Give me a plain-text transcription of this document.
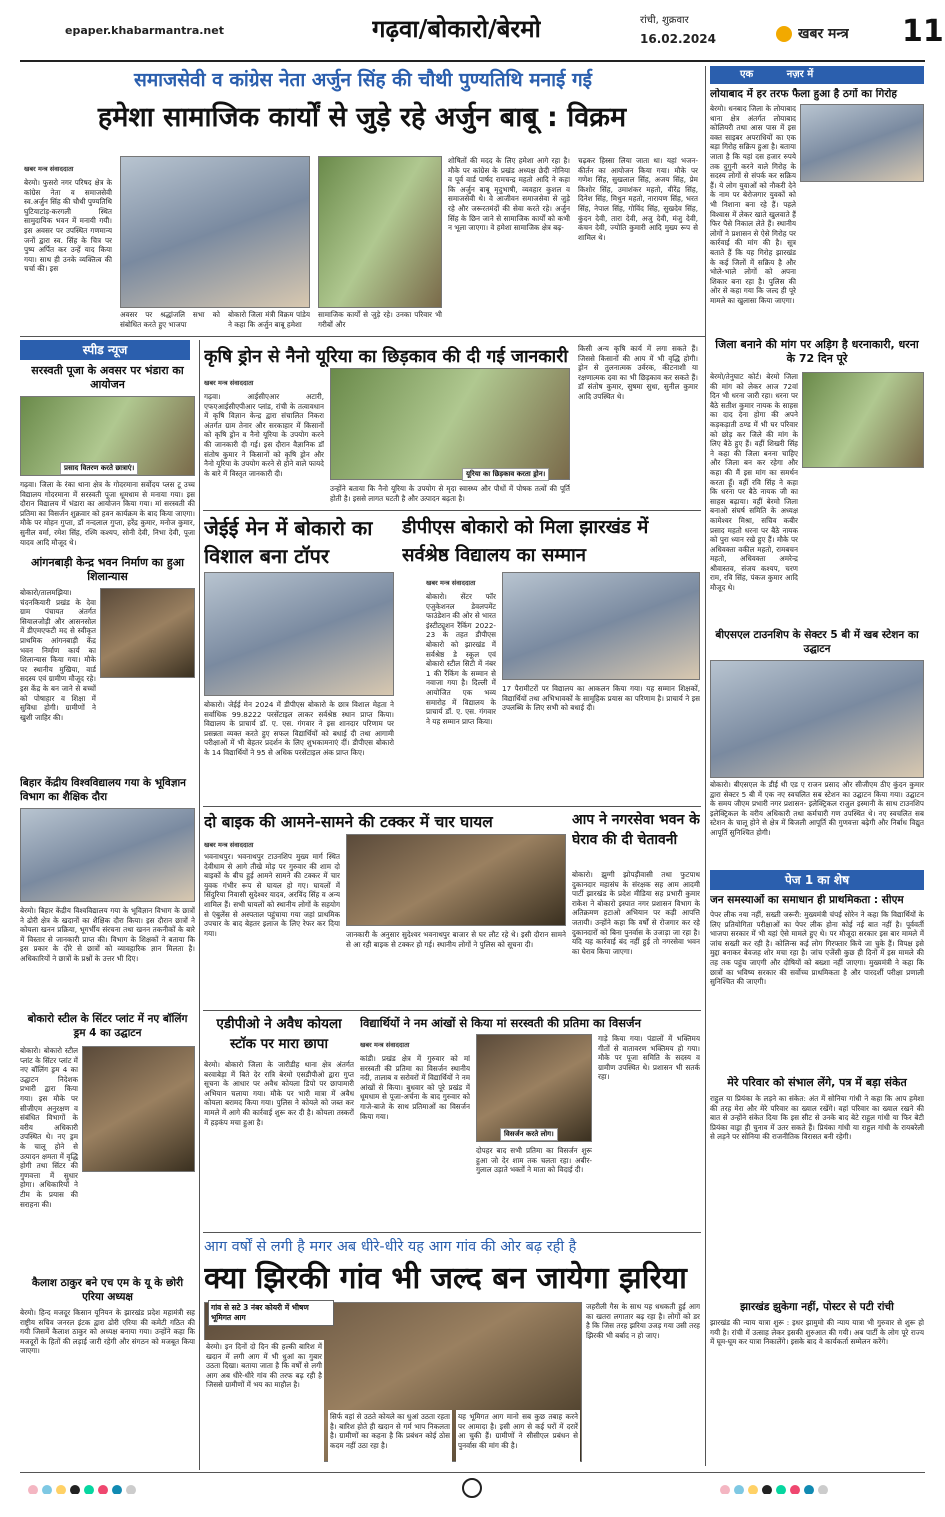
epaper.khabarmantra.net	गढ़वा/बोकारो/बेरमो	रांची, शुक्रवार
16.02.2024	खबर मन्त्र 11
समाजसेवी व कांग्रेस नेता अर्जुन सिंह की चौथी पुण्यतिथि मनाई गई
हमेशा सामाजिक कार्यों से जुड़े रहे अर्जुन बाबू : विक्रम
खबर मन्त्र संवाददाता
बेरमो। फुसरो नगर परिषद क्षेत्र के कांग्रेस नेता व समाजसेवी स्व.अर्जुन सिंह की चौथी पुण्यतिथि घुटियाटांड़-करगली स्थित सामुदायिक भवन में मनायी गयी। इस अवसर पर उपस्थित गणमान्य जनों द्वारा स्व. सिंह के चित्र पर पुष्प अर्पित कर उन्हें याद किया गया। साथ ही उनके व्यक्तित्व की चर्चा की। इस
अवसर पर श्रद्धांजलि सभा को संबोधित करते हुए भाजपा
बोकारो जिला मंत्री विक्रम पांडेय ने कहा कि अर्जुन बाबू हमेशा
सामाजिक कार्यों से जुड़े रहे। उनका परिवार भी गरीबों और
शोषितों की मदद के लिए हमेशा आगे रहा है। मौके पर कांग्रेस के प्रखंड अध्यक्ष छेदी नोनिया व पूर्व वार्ड पार्षद रामचन्द्र महतो आदि ने कहा कि अर्जुन बाबू मृदुभाषी, व्यवहार कुशल व समाजसेवी थे। वे आजीवन समाजसेवा से जुड़े रहे और जरूरतमंदों की सेवा करते रहे। अर्जुन सिंह के छिन जाने से सामाजिक कार्यों को कभी न भूला जाएगा। वे हमेशा सामाजिक क्षेत्र बढ़-
चढ़कर हिस्सा लिया जाता था। यहां भजन-कीर्तन का आयोजन किया गया। मौके पर गणेश सिंह, सुखलाल सिंह, अजय सिंह, प्रेम किशोर सिंह, उमाशंकर महतो, वीरेंद्र सिंह, दिनेश सिंह, मिथुन महतो, नारायण सिंह, भरत सिंह, नेपाल सिंह, गोविंद सिंह, सुखदेव सिंह, कुंदन देवी, तारा देवी, अजु देवी, मंजु देवी, कंचन देवी, ज्योति कुमारी आदि मुख्य रूप से शामिल थे।
स्पीड न्यूज
सरस्वती पूजा के अवसर पर भंडारा का आयोजन
प्रसाद वितरण करते छात्राएं।
गढ़वा। जिला के रंका थाना क्षेत्र के गोदरमाना सर्वोदय प्लस टू उच्च विद्यालय गोदरमाना में सरस्वती पूजा धूमधाम से मनाया गया। इस दौरान विद्यालय में भंडारा का आयोजन किया गया। मां सरस्वती की प्रतिमा का विसर्जन शुक्रवार को हवन कार्यक्रम के बाद किया जाएगा। मौके पर मोहन गुप्ता, डॉ नन्दलाल गुप्ता, हरेंद्र कुमार, मनोज कुमार, सुनील वर्मा, रमेश सिंह, रश्मि कश्यप, सोनी देवी, निभा देवी, पूजा यादव आदि मौजूद थे।
आंगनबाड़ी केन्द्र भवन निर्माण का हुआ शिलान्यास
बोकारो/तालमझिया। चंदनकियारी प्रखंड के देवा ग्राम पंचायत अंतर्गत सियालजोड़ी और आसनसोल में डीएमएफटी मद से स्वीकृत प्राथमिक आंगनबाड़ी केंद्र भवन निर्माण कार्य का शिलान्यास किया गया। मौके पर स्थानीय मुखिया, वार्ड सदस्य एवं ग्रामीण मौजूद रहे। इस केंद्र के बन जाने से बच्चों को पोषाहार व शिक्षा में सुविधा होगी। ग्रामीणों ने खुशी जाहिर की।
बिहार केंद्रीय विश्वविद्यालय गया के भूविज्ञान विभाग का शैक्षिक दौरा
बेरमो। बिहार केंद्रीय विश्वविद्यालय गया के भूविज्ञान विभाग के छात्रों ने ढोरी क्षेत्र के खदानों का शैक्षिक दौरा किया। इस दौरान छात्रों ने कोयला खनन प्रक्रिया, भूगर्भीय संरचना तथा खनन तकनीकों के बारे में विस्तार से जानकारी प्राप्त की। विभाग के शिक्षकों ने बताया कि इस प्रकार के दौरे से छात्रों को व्यावहारिक ज्ञान मिलता है। अधिकारियों ने छात्रों के प्रश्नों के उत्तर भी दिए।
बोकारो स्टील के सिंटर प्लांट में नए बॉलिंग ड्रम 4 का उद्घाटन
बोकारो। बोकारो स्टील प्लांट के सिंटर प्लांट में नए बॉलिंग ड्रम 4 का उद्घाटन निदेशक प्रभारी द्वारा किया गया। इस मौके पर सीजीएम अनुरक्षण व संबंधित विभागों के वरीय अधिकारी उपस्थित थे। नए ड्रम के चालू होने से उत्पादन क्षमता में वृद्धि होगी तथा सिंटर की गुणवत्ता में सुधार होगा। अधिकारियों ने टीम के प्रयास की सराहना की।
कैलाश ठाकुर बने एच एम के यू के छोरी एरिया अध्यक्ष
बेरमो। हिन्द मजदूर किसान यूनियन के झारखंड प्रदेश महामंत्री सह राष्ट्रीय सचिव जनरल इंटक द्वारा ढोरी एरिया की कमेटी गठित की गयी जिसमें कैलाश ठाकुर को अध्यक्ष बनाया गया। उन्होंने कहा कि मजदूरों के हितों की लड़ाई जारी रहेगी और संगठन को मजबूत किया जाएगा।
कृषि ड्रोन से नैनो यूरिया का छिड़काव की दी गई जानकारी
खबर मन्त्र संवाददाता
गढ़वा। आईसीएआर अटारी, एफएआईसीएपीआर प्लांड, रांची के तत्वावधान में कृषि विज्ञान केन्द्र द्वारा संचालित निकरा अंतर्गत ग्राम तेनार और सरकाहार में किसानों को कृषि ड्रोन व नैनो यूरिया के उपयोग करने की जानकारी दी गई। इस दौरान वैज्ञानिक डॉ संतोष कुमार ने किसानों को कृषि ड्रोन और नैनो यूरिया के उपयोग करने से होने वाले फायदे के बारे में विस्तृत जानकारी दी।	यूरिया का छिड़काव करता ड्रोन।
उन्होंने बताया कि नैनो यूरिया के उपयोग से मृदा स्वास्थ्य और पौधों में पोषक तत्वों की पूर्ति होती है। इससे लागत घटती है और उत्पादन बढ़ता है।
किसी अन्य कृषि कार्य में लगा सकते हैं। जिससे किसानों की आय में भी वृद्धि होगी। ड्रोन से तुलनात्मक उर्वरक, कीटनाशी या रक्षणात्मक दवा का भी छिड़काव कर सकते हैं। डॉ संतोष कुमार, सुषमा सुधा, सुनील कुमार आदि उपस्थित थे।
जेईई मेन में बोकारो का विशाल बना टॉपर
बोकारो। जेईई मेन 2024 में डीपीएस बोकारो के छात्र विशाल मेहता ने सर्वाधिक 99.8222 परसेंटाइल लाकर सर्वश्रेष्ठ स्थान प्राप्त किया। विद्यालय के प्राचार्य डॉ. ए. एस. गंगवार ने इस शानदार परिणाम पर प्रसन्नता व्यक्त करते हुए सफल विद्यार्थियों को बधाई दी तथा आगामी परीक्षाओं में भी बेहतर प्रदर्शन के लिए शुभकामनाएं दीं। डीपीएस बोकारो के 14 विद्यार्थियों ने 95 से अधिक परसेंटाइल अंक प्राप्त किए।
डीपीएस बोकारो को मिला झारखंड में सर्वश्रेष्ठ विद्यालय का सम्मान
खबर मन्त्र संवाददाता
बोकारो। सेंटर फॉर एजुकेशनल डेवलपमेंट फाउंडेशन की ओर से भारत इंस्टीट्यूशन रैंकिंग 2022-23 के तहत डीपीएस बोकारो को झारखंड में सर्वश्रेष्ठ डे स्कूल एवं बोकारो स्टील सिटी में नंबर 1 की रैंकिंग के सम्मान से नवाजा गया है। दिल्ली में आयोजित एक भव्य समारोह में विद्यालय के प्राचार्य डॉ. ए. एस. गंगवार ने यह सम्मान प्राप्त किया।
17 पैरामीटरों पर विद्यालय का आकलन किया गया। यह सम्मान शिक्षकों, विद्यार्थियों तथा अभिभावकों के सामूहिक प्रयास का परिणाम है। प्राचार्य ने इस उपलब्धि के लिए सभी को बधाई दी।
दो बाइक की आमने-सामने की टक्कर में चार घायल
खबर मन्त्र संवाददाता
भवनाथपुर। भवनाथपुर टाउनशिप मुख्य मार्ग स्थित देवीधाम से आगे तीखे मोड़ पर गुरुवार की शाम दो बाइकों के बीच हुई आमने सामने की टक्कर में चार युवक गंभीर रूप से घायल हो गए। घायलों में सिंदुरिया निवासी सुदेश्वर यादव, अरविंद सिंह व अन्य शामिल हैं। सभी घायलों को स्थानीय लोगों के सहयोग से एंबुलेंस से अस्पताल पहुंचाया गया जहां प्राथमिक उपचार के बाद बेहतर इलाज के लिए रेफर कर दिया गया।	जानकारी के अनुसार सुदेश्वर भवनाथपुर बाजार से घर लौट रहे थे। इसी दौरान सामने से आ रही बाइक से टक्कर हो गई। स्थानीय लोगों ने पुलिस को सूचना दी।
आप ने नगरसेवा भवन के घेराव की दी चेतावनी
बोकारो। झुग्गी झोपड़ीवासी तथा फुटपाथ दुकानदार महासंघ के संरक्षक सह आम आदमी पार्टी झारखंड के प्रदेश मीडिया सह प्रभारी कुमार राकेश ने बोकारो इस्पात नगर प्रशासन विभाग के अतिक्रमण हटाओ अभियान पर कड़ी आपत्ति जतायी। उन्होंने कहा कि वर्षों से रोजगार कर रहे दुकानदारों को बिना पुनर्वास के उजाड़ा जा रहा है। यदि यह कार्रवाई बंद नहीं हुई तो नगरसेवा भवन का घेराव किया जाएगा।
एडीपीओ ने अवैध कोयला स्टॉक पर मारा छापा
बेरमो। बोकारो जिला के जारीडीह थाना क्षेत्र अंतर्गत बरवाबेड़ा में बिते देर रात्रि बेरमो एसडीपीओ द्वारा गुप्त सूचना के आधार पर अवैध कोयला डिपो पर छापामारी अभियान चलाया गया। मौके पर भारी मात्रा में अवैध कोयला बरामद किया गया। पुलिस ने कोयले को जब्त कर मामले में आगे की कार्रवाई शुरू कर दी है। कोयला तस्करों में हड़कंप मचा हुआ है।
विद्यार्थियों ने नम आंखों से किया मां सरस्वती की प्रतिमा का विसर्जन
खबर मन्त्र संवाददाता
कांडी। प्रखंड क्षेत्र में गुरुवार को मां सरस्वती की प्रतिमा का विसर्जन स्थानीय नदी, तालाब व सरोवरों में विद्यार्थियों ने नम आंखों से किया। बुधवार को पूरे प्रखंड में धूमधाम से पूजा-अर्चना के बाद गुरुवार को गाजे-बाजे के साथ प्रतिमाओं का विसर्जन किया गया।
विसर्जन करते लोग।
दोपहर बाद सभी प्रतिमा का विसर्जन शुरू हुआ जो देर शाम तक चलता रहा। अबीर-गुलाल उड़ाते भक्तों ने माता को विदाई दी।
गाड़े किया गया। पंडालों में भक्तिमय गीतों से वातावरण भक्तिमय हो गया। मौके पर पूजा समिति के सदस्य व ग्रामीण उपस्थित थे। प्रशासन भी सतर्क रहा।
आग वर्षों से लगी है मगर अब धीरे-धीरे यह आग गांव की ओर बढ़ रही है
क्या झिरकी गांव भी जल्द बन जायेगा झरिया
गांव से सटे 3 नंबर कोयरी में भीषण भूमिगत आग
बेरमो। इन दिनों दो दिन की हल्की बारिश में खदान में लगी आग में भी धुआं का गुबार उठता दिखा। बताया जाता है कि वर्षों से लगी आग अब धीरे-धीरे गांव की तरफ बढ़ रही है जिससे ग्रामीणों में भय का माहौल है।
सिर्फ वहां से उठते कोयले का धुआं उठता रहता है। बारिश होते ही खदान से गर्म भाप निकलता है। ग्रामीणों का कहना है कि प्रबंधन कोई ठोस कदम नहीं उठा रहा है।
यह भूमिगत आग मानो सब कुछ तबाह करने पर आमादा है। इसी आग से कई घरों में दरारें आ चुकी हैं। ग्रामीणों ने सीसीएल प्रबंधन से पुनर्वास की मांग की है।
जहरीली गैस के साथ यह धधकती हुई आग का खतरा लगातार बढ़ रहा है। लोगों को डर है कि जिस तरह झरिया उजड़ गया उसी तरह झिरकी भी बर्बाद न हो जाए।
एक	नज़र में
लोयाबाद में हर तरफ फैला हुआ है ठगों का गिरोह
बेरमो। धनबाद जिला के लोयाबाद थाना क्षेत्र अंतर्गत लोयाबाद कोलियरी तथा आस पास में इस वक्त साइबर अपराधियों का एक बड़ा गिरोह सक्रिय हुआ है। बताया जाता है कि यहां दस हजार रुपये तक दुगुनी करने वाले गिरोह के सदस्य लोगों से संपर्क कर सक्रिय हैं। ये लोग युवाओं को नौकरी देने के नाम पर बेरोजगार युवकों को भी निशाना बना रहे हैं। पहले विश्वास में लेकर खाते खुलवाते हैं फिर पैसे निकाल लेते हैं। स्थानीय लोगों ने प्रशासन से ऐसे गिरोह पर कार्रवाई की मांग की है। सूत्र बताते हैं कि यह गिरोह झारखंड के कई जिलों में सक्रिय है और भोले-भाले लोगों को अपना शिकार बना रहा है। पुलिस की ओर से कहा गया कि जल्द ही पूरे मामले का खुलासा किया जाएगा।
जिला बनाने की मांग पर अड़िग है धरनाकारी, धरना के 72 दिन पूरे
बेरमो/तेनुघाट कोर्ट। बेरमो जिला की मांग को लेकर आज 72वां दिन भी धरना जारी रहा। धरना पर बैठे सतीश कुमार नायक के साहस का दाद देना होगा की अपने कड़कड़ाती ठण्ड में भी घर परिवार को छोड़ कर जिले की मांग के लिए बैठे हुए हैं। वहीं शिखरी सिंह ने कहा की जिला बनना चाहिए और जिला बन कर रहेगा और कहा की मैं इस मांग का समर्थन करता हूँ। वहीं रवि सिंह ने कहा कि धरना पर बैठे नायक जी का साहस बढ़ाया। वहीं बेरमो जिला बनाओ संघर्ष समिति के अध्यक्ष कामेश्वर मिश्रा, सचिव कबीर प्रसाद महतो धरना पर बैठे नायक को पुरा ध्यान रखे हुए हैं। मौके पर अधिवक्ता वकील महतो, रामबचन महतो, अधिवक्ता अमरेन्द्र श्रीवास्तव, संजय कश्यप, चरण राम, रवि सिंह, पंकज कुमार आदि मौजूद थे।
बीएसएल टाउनशिप के सेक्टर 5 बी में खब स्टेशन का उद्घाटन
बोकारो। बीएसएल के डीई थी एड ए राजन प्रसाद और सीजीएम ठीए कुंदन कुमार द्वारा सेक्टर 5 बी में एक नए स्वचलित सब स्टेशन का उद्घाटन किया गया। उद्घाटन के समय जीएम प्रभारी नगर प्रशासन- इलेक्ट्रिकल राजुल इस्मानी के साथ टाउनशिप इलेक्ट्रिकल के वरीय अधिकारी तथा कर्मचारी गण उपस्थित थे। नए स्वचलित सब स्टेशन के चालू होने से क्षेत्र में बिजली आपूर्ति की गुणवत्ता बढ़ेगी और निर्बाध विद्युत आपूर्ति सुनिश्चित होगी।
पेज 1 का शेष
जन समस्याओं का समाधान ही प्राथमिकता : सीएम
पेपर लीक नया नहीं, सख्ती जरूरी: मुख्यमंत्री चंपई सोरेन ने कहा कि विद्यार्थियों के लिए प्रतियोगिता परीक्षाओं का पेपर लीक होना कोई नई बात नहीं है। पूर्ववर्ती भाजपा सरकार में भी यहां ऐसे मामले हुए थे। पर मौजूदा सरकार इस बार मामले में जांच सख्ती कर रही है। कोलिन्स कई लोग गिरफ्तार किये जा चुके हैं। विपक्ष इसे मुद्दा बनाकर बेवजह शोर मचा रहा है। जांच एजेंसी कुछ ही दिनों में इस मामले की तह तक पहुंच जाएगी और दोषियों को बख्शा नहीं जाएगा। मुख्यमंत्री ने कहा कि छात्रों का भविष्य सरकार की सर्वोच्च प्राथमिकता है और पारदर्शी परीक्षा प्रणाली सुनिश्चित की जाएगी।
मेरे परिवार को संभाल लेंगे, पत्र में बड़ा संकेत
राहुल या प्रियंका के लड़ने का संकेत: अंत में सोनिया गांधी ने कहा कि आप हमेशा की तरह मेरा और मेरे परिवार का ख्याल रखेंगे। वहां परिवार का ख्याल रखने की बात से उन्होंने संकेत दिया कि इस सीट से उनके बाद बेटे राहुल गांधी या फिर बेटी प्रियंका वाड्रा ही चुनाव में उतर सकते हैं। प्रियंका गांधी या राहुल गांधी के रायबरेली से लड़ने पर सोनिया की राजनीतिक विरासत बनी रहेगी।
झारखंड झुकेगा नहीं, पोस्टर से पटी रांची
झारखंड की न्याय यात्रा शुरू : इधर झामुमो की न्याय यात्रा भी गुरुवार से शुरू हो गयी है। रांची में उत्साह लेकर इसकी शुरुआत की गयी। अब पार्टी के लोग पूरे राज्य में घूम-घूम कर यात्रा निकालेंगे। इसके बाद वे कार्यकर्ता सम्मेलन करेंगे।
